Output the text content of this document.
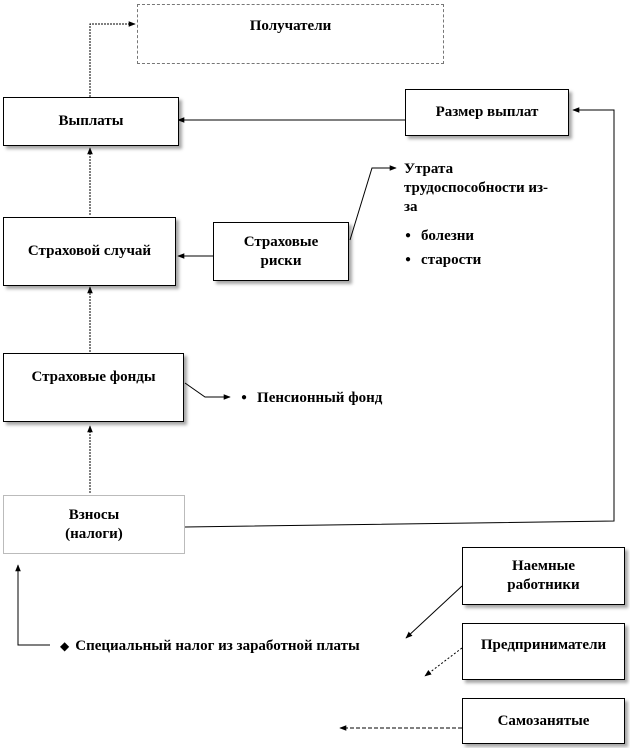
Получатели
Выплаты
Размер выплат
Страховой случай
Страховые
риски
Страховые фонды
Взносы
(налоги)
Наемные
работники
Предприниматели
Самозанятые
Утрата
трудоспособности из-
за
● болезни
● старости
● Пенсионный фонд
◆ Специальный налог из заработной платы
